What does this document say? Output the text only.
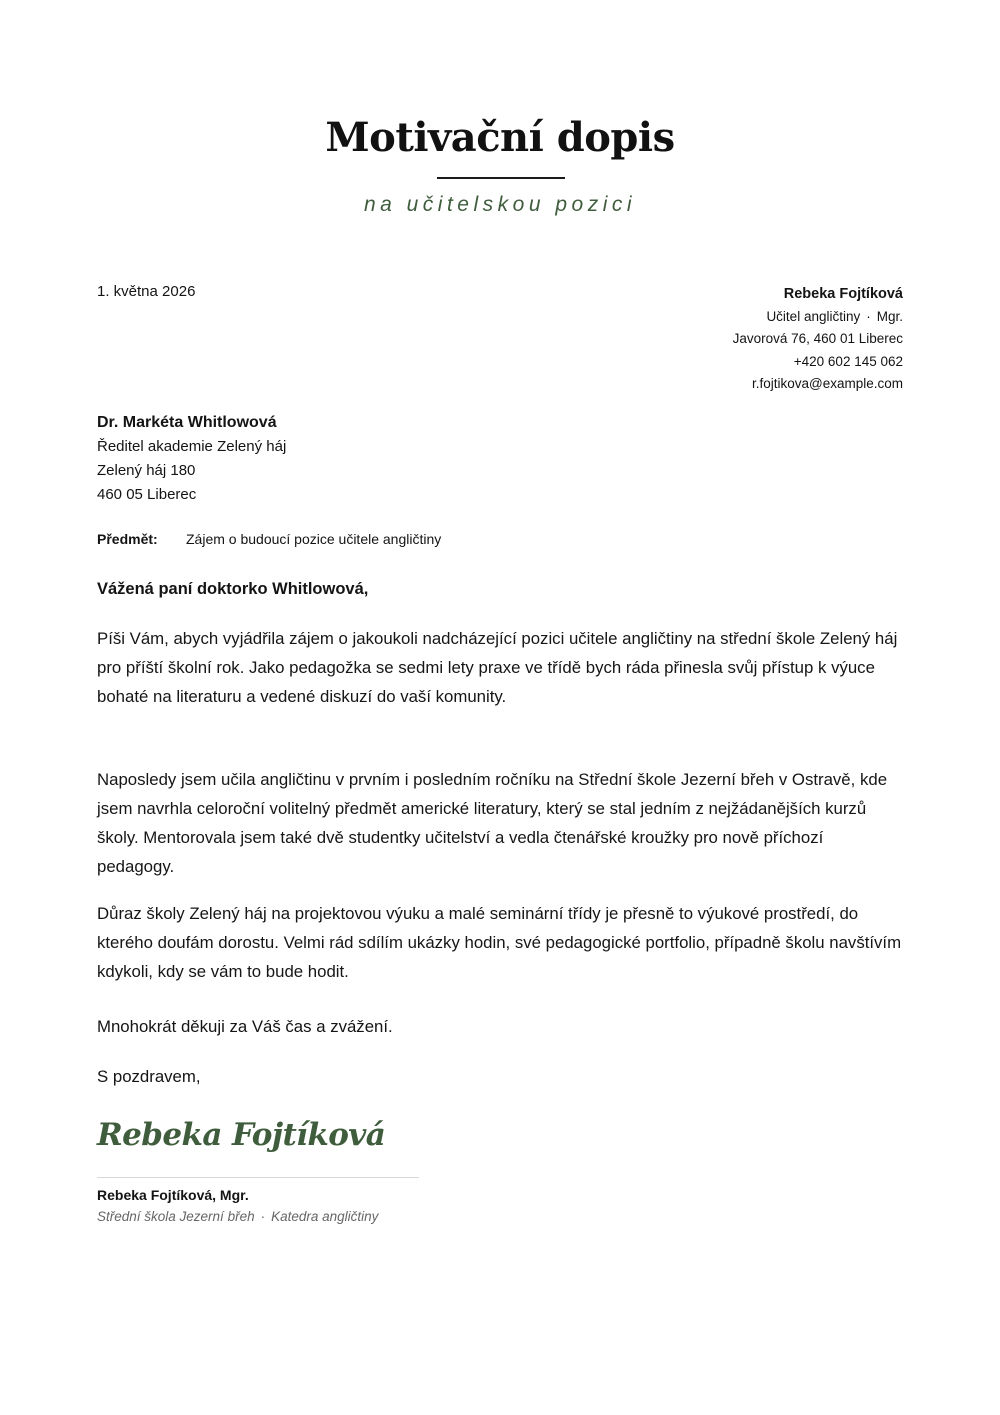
Motivační dopis
na učitelskou pozici
1. května 2026	Rebeka Fojtíková
Učitel angličtiny · Mgr.
Javorová 76, 460 01 Liberec
+420 602 145 062
r.fojtikova@example.com
Dr. Markéta Whitlowová
Ředitel akademie Zelený háj
Zelený háj 180
460 05 Liberec
Předmět: Zájem o budoucí pozice učitele angličtiny
Vážená paní doktorko Whitlowová,
Píši Vám, abych vyjádřila zájem o jakoukoli nadcházející pozici učitele angličtiny na střední škole Zelený háj pro příští školní rok. Jako pedagožka se sedmi lety praxe ve třídě bych ráda přinesla svůj přístup k výuce bohaté na literaturu a vedené diskuzí do vaší komunity.
Naposledy jsem učila angličtinu v prvním i posledním ročníku na Střední škole Jezerní břeh v Ostravě, kde jsem navrhla celoroční volitelný předmět americké literatury, který se stal jedním z nejžádanějších kurzů školy. Mentorovala jsem také dvě studentky učitelství a vedla čtenářské kroužky pro nově příchozí pedagogy.
Důraz školy Zelený háj na projektovou výuku a malé seminární třídy je přesně to výukové prostředí, do kterého doufám dorostu. Velmi rád sdílím ukázky hodin, své pedagogické portfolio, případně školu navštívím kdykoli, kdy se vám to bude hodit.
Mnohokrát děkuji za Váš čas a zvážení.
S pozdravem,
Rebeka Fojtíková
Rebeka Fojtíková, Mgr.
Střední škola Jezerní břeh · Katedra angličtiny
